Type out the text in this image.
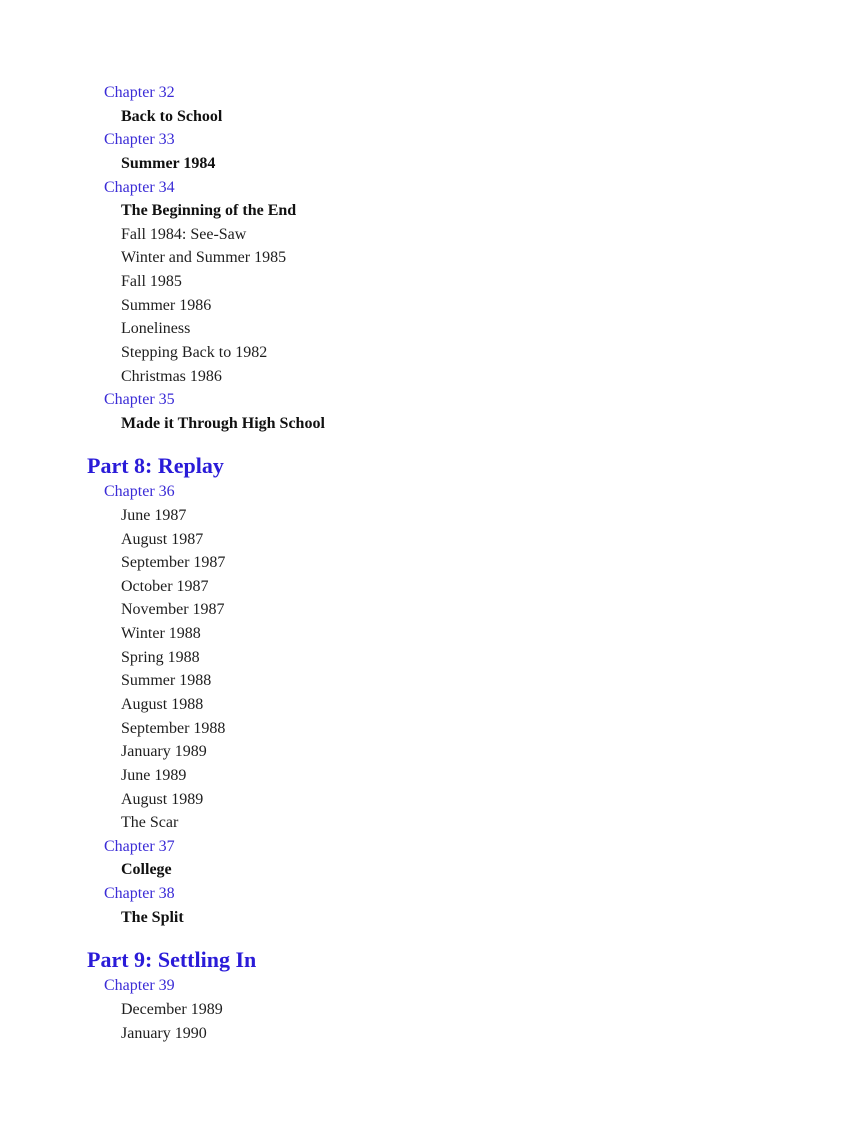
Chapter 32
Back to School
Chapter 33
Summer 1984
Chapter 34
The Beginning of the End
Fall 1984: See-Saw
Winter and Summer 1985
Fall 1985
Summer 1986
Loneliness
Stepping Back to 1982
Christmas 1986
Chapter 35
Made it Through High School
Part 8: Replay
Chapter 36
June 1987
August 1987
September 1987
October 1987
November 1987
Winter 1988
Spring 1988
Summer 1988
August 1988
September 1988
January 1989
June 1989
August 1989
The Scar
Chapter 37
College
Chapter 38
The Split
Part 9: Settling In
Chapter 39
December 1989
January 1990
